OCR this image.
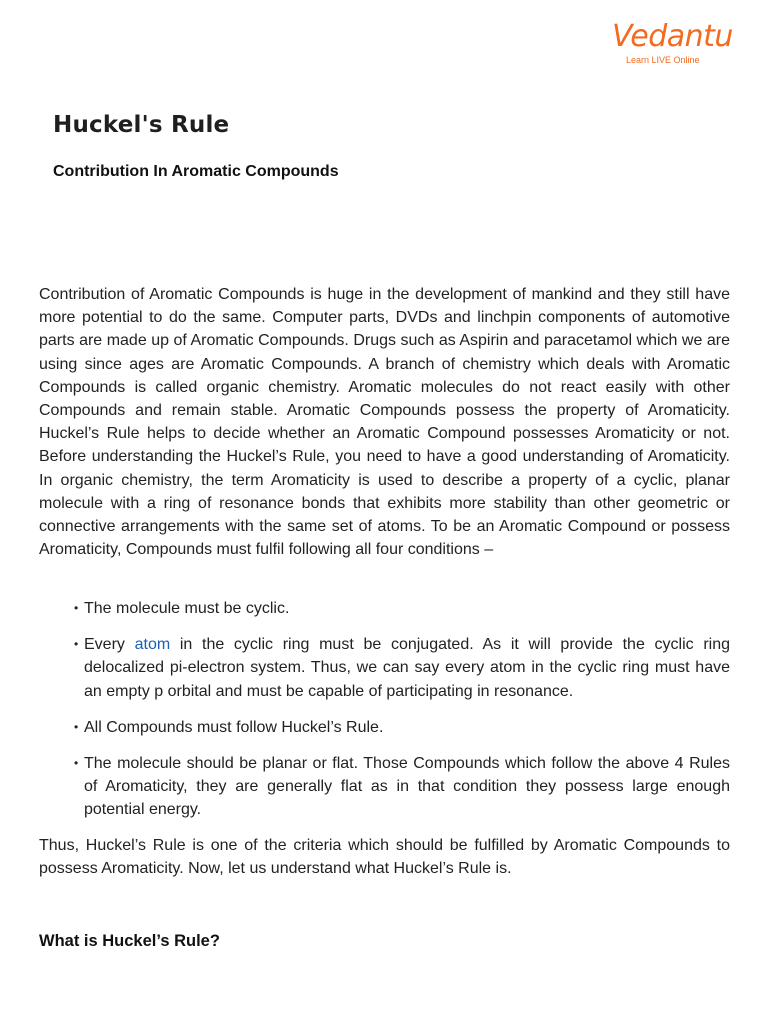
Vedantu
Learn LIVE Online
Huckel's Rule
Contribution In Aromatic Compounds

Contribution of Aromatic Compounds is huge in the development of mankind and they still have more potential to do the same. Computer parts, DVDs and linchpin components of automotive parts are made up of Aromatic Compounds. Drugs such as Aspirin and paracetamol which we are using since ages are Aromatic Compounds. A branch of chemistry which deals with Aromatic Compounds is called organic chemistry. Aromatic molecules do not react easily with other Compounds and remain stable. Aromatic Compounds possess the property of Aromaticity. Huckel’s Rule helps to decide whether an Aromatic Compound possesses Aromaticity or not. Before understanding the Huckel’s Rule, you need to have a good understanding of Aromaticity. In organic chemistry, the term Aromaticity is used to describe a property of a cyclic, planar molecule with a ring of resonance bonds that exhibits more stability than other geometric or connective arrangements with the same set of atoms. To be an Aromatic Compound or possess Aromaticity, Compounds must fulfil following all four conditions –

• The molecule must be cyclic.
• Every atom in the cyclic ring must be conjugated. As it will provide the cyclic ring delocalized pi-electron system. Thus, we can say every atom in the cyclic ring must have an empty p orbital and must be capable of participating in resonance.
• All Compounds must follow Huckel’s Rule.
• The molecule should be planar or flat. Those Compounds which follow the above 4 Rules of Aromaticity, they are generally flat as in that condition they possess large enough potential energy.

Thus, Huckel’s Rule is one of the criteria which should be fulfilled by Aromatic Compounds to possess Aromaticity. Now, let us understand what Huckel’s Rule is.

What is Huckel’s Rule?
